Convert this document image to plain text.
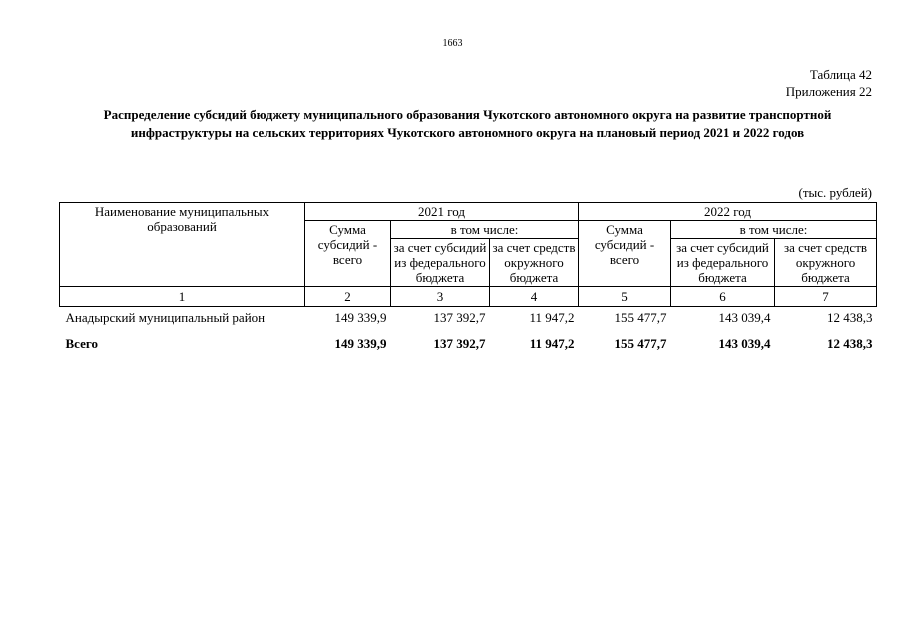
1663
Таблица 42
Приложения 22
Распределение субсидий бюджету муниципального образования Чукотского автономного округа на развитие транспортной инфраструктуры на сельских территориях Чукотского автономного округа на плановый период 2021 и 2022 годов
(тыс. рублей)
Наименование муниципальных образований	2021 год			2022 год		
	Сумма субсидий - всего	в том числе:		Сумма субсидий - всего	в том числе:	
		за счет субсидий из федерального бюджета	за счет средств окружного бюджета		за счет субсидий из федерального бюджета	за счет средств окружного бюджета
1	2	3	4	5	6	7
Анадырский муниципальный район	149 339,9	137 392,7	11 947,2	155 477,7	143 039,4	12 438,3
Всего	149 339,9	137 392,7	11 947,2	155 477,7	143 039,4	12 438,3
